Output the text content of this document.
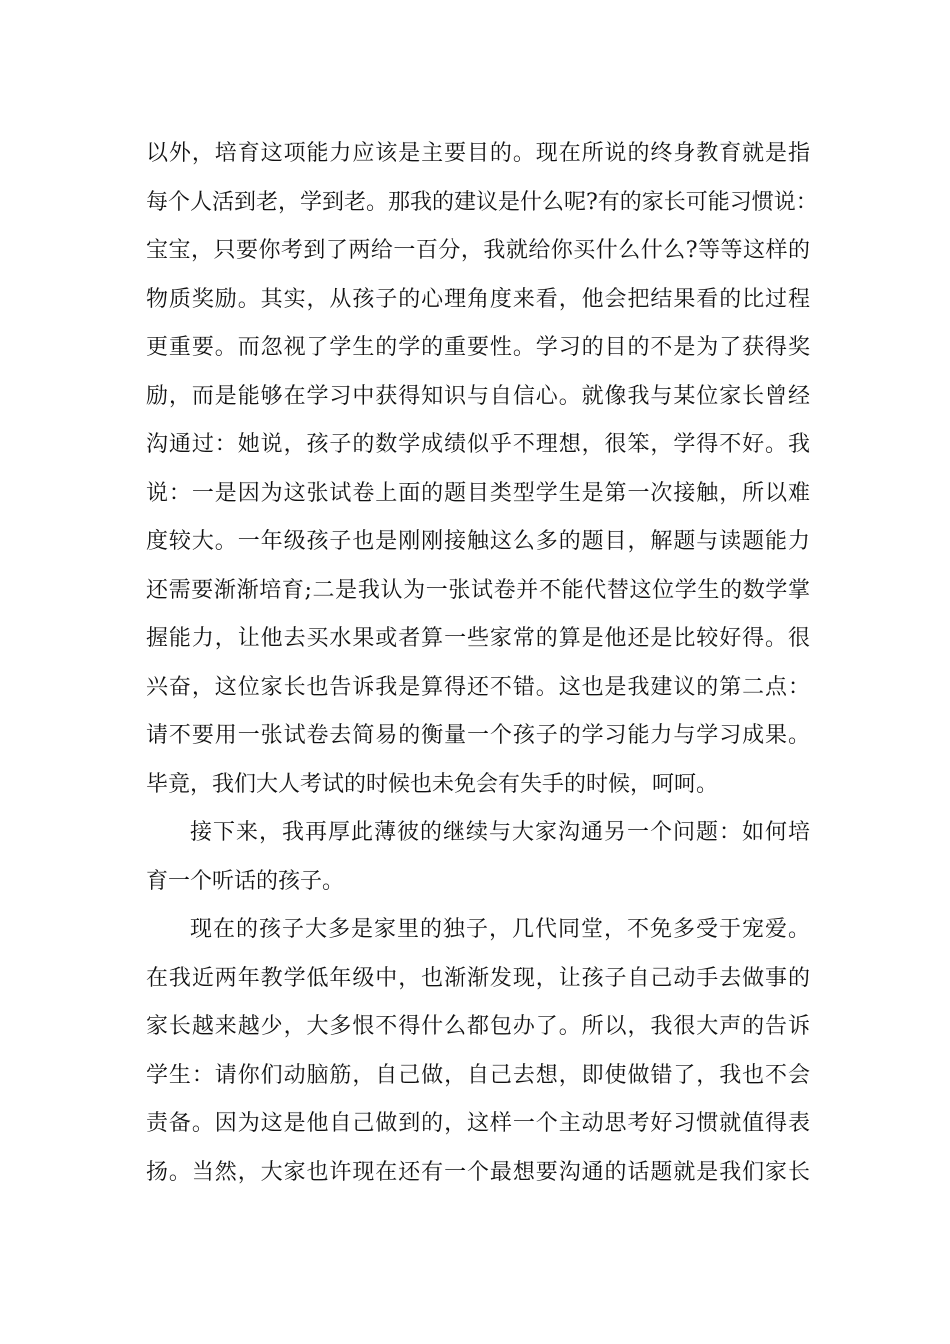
以外，培育这项能力应该是主要目的。现在所说的终身教育就是指
每个人活到老，学到老。那我的建议是什么呢?有的家长可能习惯说：
宝宝，只要你考到了两给一百分，我就给你买什么什么?等等这样的
物质奖励。其实，从孩子的心理角度来看，他会把结果看的比过程
更重要。而忽视了学生的学的重要性。学习的目的不是为了获得奖
励，而是能够在学习中获得知识与自信心。就像我与某位家长曾经
沟通过：她说，孩子的数学成绩似乎不理想，很笨，学得不好。我
说：一是因为这张试卷上面的题目类型学生是第一次接触，所以难
度较大。一年级孩子也是刚刚接触这么多的题目，解题与读题能力
还需要渐渐培育;二是我认为一张试卷并不能代替这位学生的数学掌
握能力，让他去买水果或者算一些家常的算是他还是比较好得。很
兴奋，这位家长也告诉我是算得还不错。这也是我建议的第二点：
请不要用一张试卷去简易的衡量一个孩子的学习能力与学习成果。
毕竟，我们大人考试的时候也未免会有失手的时候，呵呵。
接下来，我再厚此薄彼的继续与大家沟通另一个问题：如何培
育一个听话的孩子。
现在的孩子大多是家里的独子，几代同堂，不免多受于宠爱。
在我近两年教学低年级中，也渐渐发现，让孩子自己动手去做事的
家长越来越少，大多恨不得什么都包办了。所以，我很大声的告诉
学生：请你们动脑筋，自己做，自己去想，即使做错了，我也不会
责备。因为这是他自己做到的，这样一个主动思考好习惯就值得表
扬。当然，大家也许现在还有一个最想要沟通的话题就是我们家长
